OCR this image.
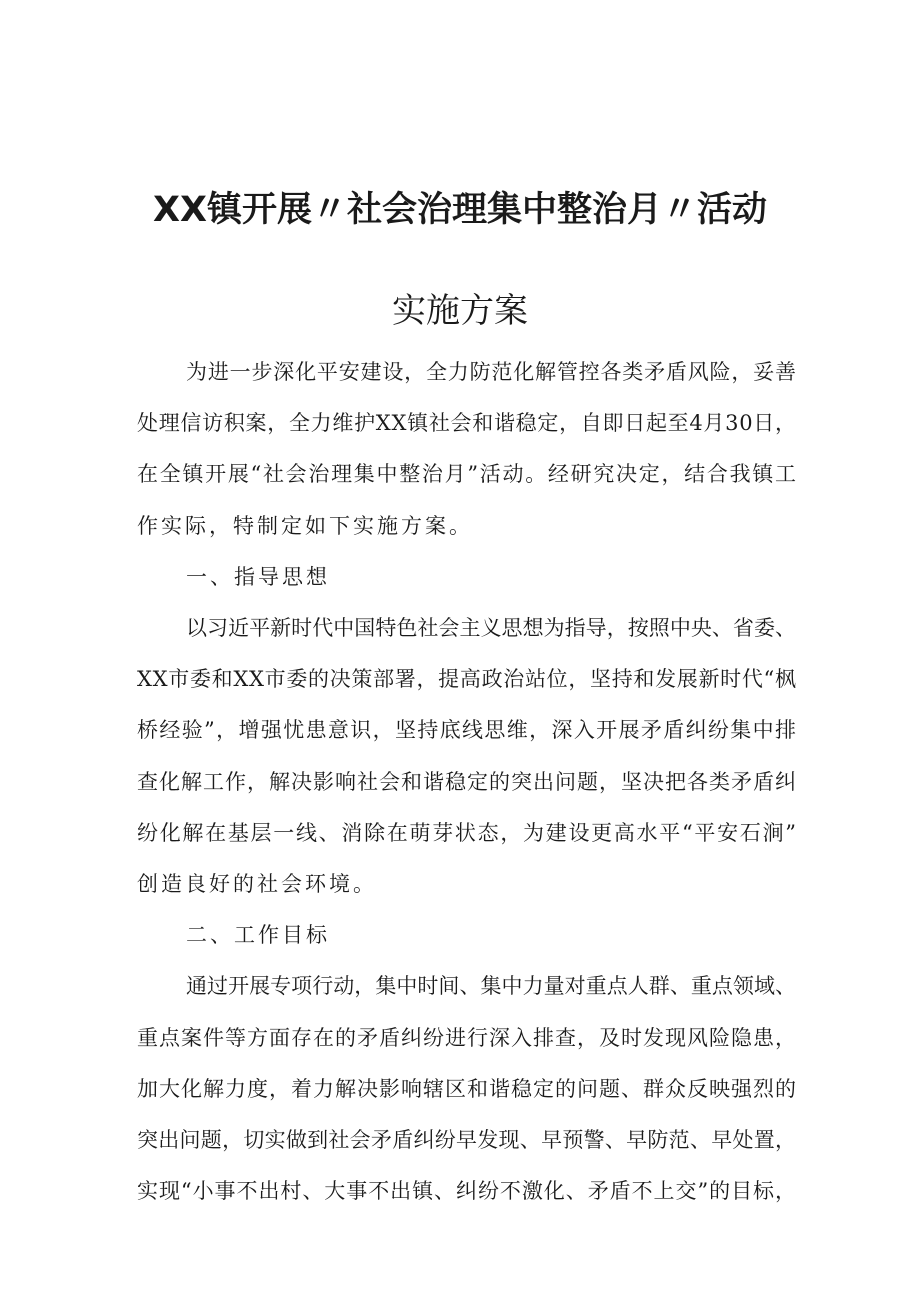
XX镇开展〃社会治理集中整治月〃活动
实施方案
为进一步深化平安建设，全力防范化解管控各类矛盾风险，妥善
处理信访积案，全力维护XX镇社会和谐稳定，自即日起至4月30日，
在全镇开展“社会治理集中整治月”活动。经研究决定，结合我镇工
作实际，特制定如下实施方案。
一、指导思想
以习近平新时代中国特色社会主义思想为指导，按照中央、省委、
XX市委和XX市委的决策部署，提高政治站位，坚持和发展新时代“枫
桥经验”，增强忧患意识，坚持底线思维，深入开展矛盾纠纷集中排
查化解工作，解决影响社会和谐稳定的突出问题，坚决把各类矛盾纠
纷化解在基层一线、消除在萌芽状态，为建设更高水平“平安石涧”
创造良好的社会环境。
二、工作目标
通过开展专项行动，集中时间、集中力量对重点人群、重点领域、
重点案件等方面存在的矛盾纠纷进行深入排查，及时发现风险隐患，
加大化解力度，着力解决影响辖区和谐稳定的问题、群众反映强烈的
突出问题，切实做到社会矛盾纠纷早发现、早预警、早防范、早处置，
实现“小事不出村、大事不出镇、纠纷不激化、矛盾不上交”的目标，
